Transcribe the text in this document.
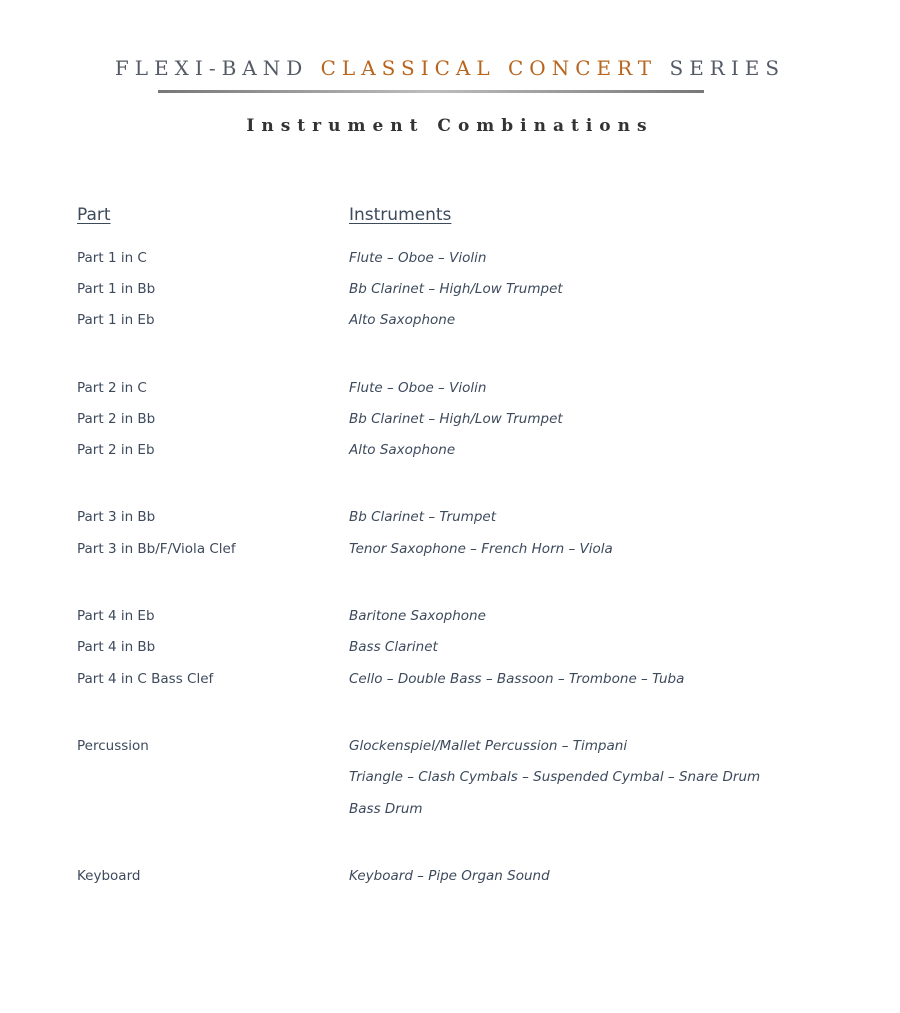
FLEXI-BAND CLASSICAL CONCERT SERIES
Instrument Combinations
Part	Instruments
Part 1 in C	Flute – Oboe – Violin
Part 1 in Bb	Bb Clarinet – High/Low Trumpet
Part 1 in Eb	Alto Saxophone
Part 2 in C	Flute – Oboe – Violin
Part 2 in Bb	Bb Clarinet – High/Low Trumpet
Part 2 in Eb	Alto Saxophone
Part 3 in Bb	Bb Clarinet – Trumpet
Part 3 in Bb/F/Viola Clef	Tenor Saxophone – French Horn – Viola
Part 4 in Eb	Baritone Saxophone
Part 4 in Bb	Bass Clarinet
Part 4 in C Bass Clef	Cello – Double Bass – Bassoon – Trombone – Tuba
Percussion	Glockenspiel/Mallet Percussion – Timpani
Triangle – Clash Cymbals – Suspended Cymbal – Snare Drum
Bass Drum
Keyboard	Keyboard – Pipe Organ Sound
